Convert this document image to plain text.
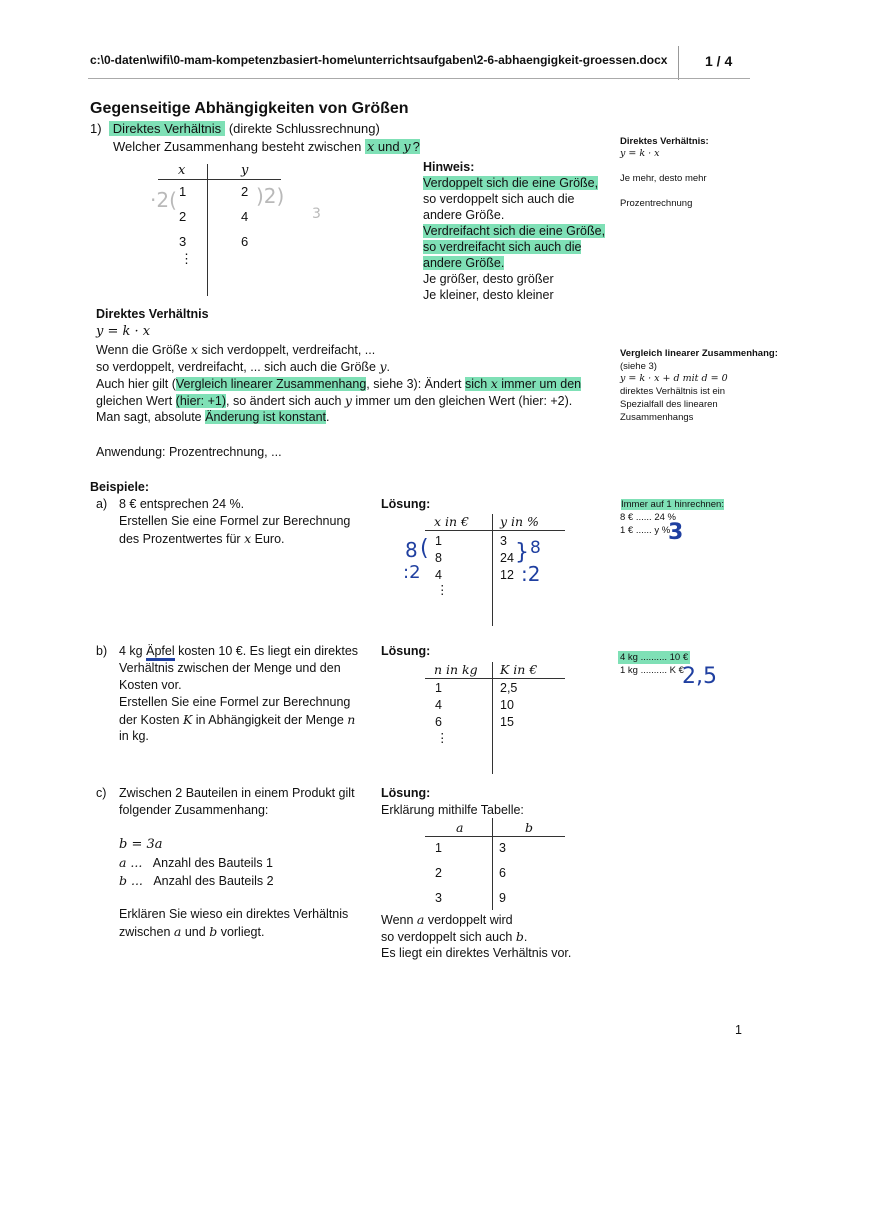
c:\0-daten\wifi\0-mam-kompetenzbasiert-home\unterrichtsaufgaben\2-6-abhaengigkeit-groessen.docx	1 / 4
Gegenseitige Abhängigkeiten von Größen
1) Direktes Verhältnis (direkte Schlussrechnung)
Welcher Zusammenhang besteht zwischen x und y ?
x	y
1	2
2	4
3	6
⋮
·2(	)2)
3
Hinweis:
Verdoppelt sich die eine Größe,
so verdoppelt sich auch die
andere Größe.
Verdreifacht sich die eine Größe,
so verdreifacht sich auch die
andere Größe.
Je größer, desto größer
Je kleiner, desto kleiner
Direktes Verhältnis:
y = k · x
Je mehr, desto mehr
Prozentrechnung
Direktes Verhältnis
y = k · x
Wenn die Größe x sich verdoppelt, verdreifacht, ...
so verdoppelt, verdreifacht, ... sich auch die Größe y.
Auch hier gilt (Vergleich linearer Zusammenhang, siehe 3): Ändert sich x immer um den
gleichen Wert (hier: +1), so ändert sich auch y immer um den gleichen Wert (hier: +2).
Man sagt, absolute Änderung ist konstant.
Anwendung: Prozentrechnung, ...
Vergleich linearer Zusammenhang:
(siehe 3)
y = k · x + d mit d = 0
direktes Verhältnis ist ein
Spezialfall des linearen
Zusammenhangs
Beispiele:
a) 8 € entsprechen 24 %.
Erstellen Sie eine Formel zur Berechnung
des Prozentwertes für x Euro.
Lösung:
x in € y in %
1	3
8	24
4	12
⋮
8 (
:2
} 8
:2
Immer auf 1 hinrechnen:
8 € ...... 24 %
1 € ...... y %
3
b) 4 kg Äpfel kosten 10 €. Es liegt ein direktes
Verhältnis zwischen der Menge und den
Kosten vor.
Erstellen Sie eine Formel zur Berechnung
der Kosten K in Abhängigkeit der Menge n
in kg.
Lösung:
n in kg K in €
1	2,5
4	10
6	15
⋮
4 kg .......... 10 €
1 kg .......... K €
2,5
c) Zwischen 2 Bauteilen in einem Produkt gilt
folgender Zusammenhang:
b = 3a
a ... Anzahl des Bauteils 1
b ... Anzahl des Bauteils 2
Erklären Sie wieso ein direktes Verhältnis
zwischen a und b vorliegt.
Lösung:
Erklärung mithilfe Tabelle:
a	b
1	3
2	6
3	9
Wenn a verdoppelt wird
so verdoppelt sich auch b.
Es liegt ein direktes Verhältnis vor.
1
